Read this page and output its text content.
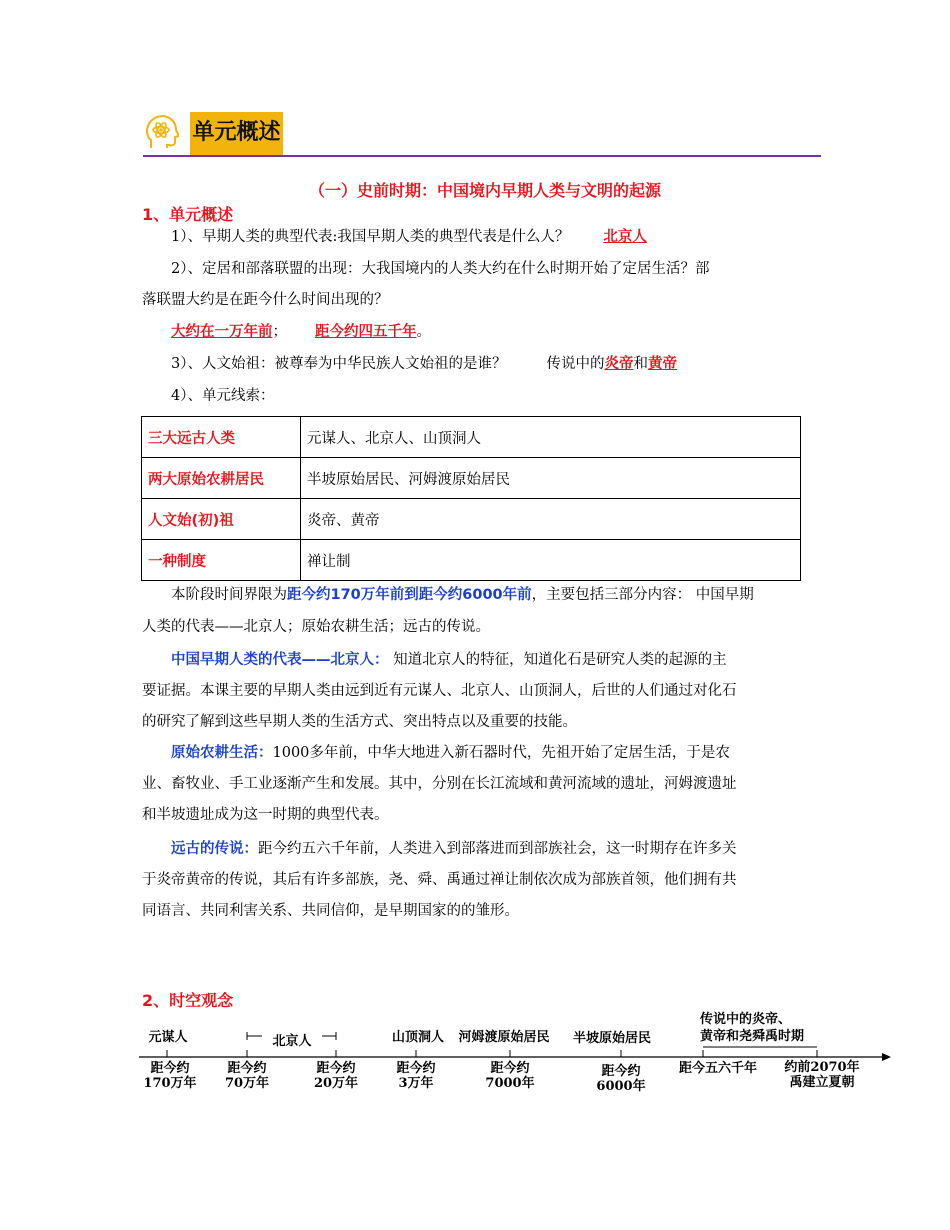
单元概述
（一）史前时期：中国境内早期人类与文明的起源
1、单元概述
1）、早期人类的典型代表:我国早期人类的典型代表是什么人？ 北京人
2）、定居和部落联盟的出现：大我国境内的人类大约在什么时期开始了定居生活？部
落联盟大约是在距今什么时间出现的？
大约在一万年前； 距今约四五千年。
3）、人文始祖：被尊奉为中华民族人文始祖的是谁？	传说中的炎帝和黄帝
4）、单元线索：
三大远古人类	元谋人、北京人、山顶洞人
两大原始农耕居民	半坡原始居民、河姆渡原始居民
人文始(初)祖	炎帝、黄帝
一种制度	禅让制
本阶段时间界限为距今约170万年前到距今约6000年前，主要包括三部分内容： 中国早期
人类的代表——北京人；原始农耕生活；远古的传说。
中国早期人类的代表——北京人： 知道北京人的特征，知道化石是研究人类的起源的主
要证据。本课主要的早期人类由远到近有元谋人、北京人、山顶洞人，后世的人们通过对化石
的研究了解到这些早期人类的生活方式、突出特点以及重要的技能。
原始农耕生活：1000多年前，中华大地进入新石器时代，先祖开始了定居生活，于是农
业、畜牧业、手工业逐渐产生和发展。其中，分别在长江流域和黄河流域的遗址，河姆渡遗址
和半坡遗址成为这一时期的典型代表。
远古的传说：距今约五六千年前，人类进入到部落进而到部族社会，这一时期存在许多关
于炎帝黄帝的传说，其后有许多部族，尧、舜、禹通过禅让制依次成为部族首领，他们拥有共
同语言、共同利害关系、共同信仰，是早期国家的的雏形。
2、时空观念
元谋人	北京人	山顶洞人	河姆渡原始居民	半坡原始居民
传说中的炎帝、
黄帝和尧舜禹时期
距今约
170万年
距今约
70万年
距今约
20万年
距今约
3万年
距今约
7000年
距今约
6000年
距今五六千年	约前2070年
禹建立夏朝
